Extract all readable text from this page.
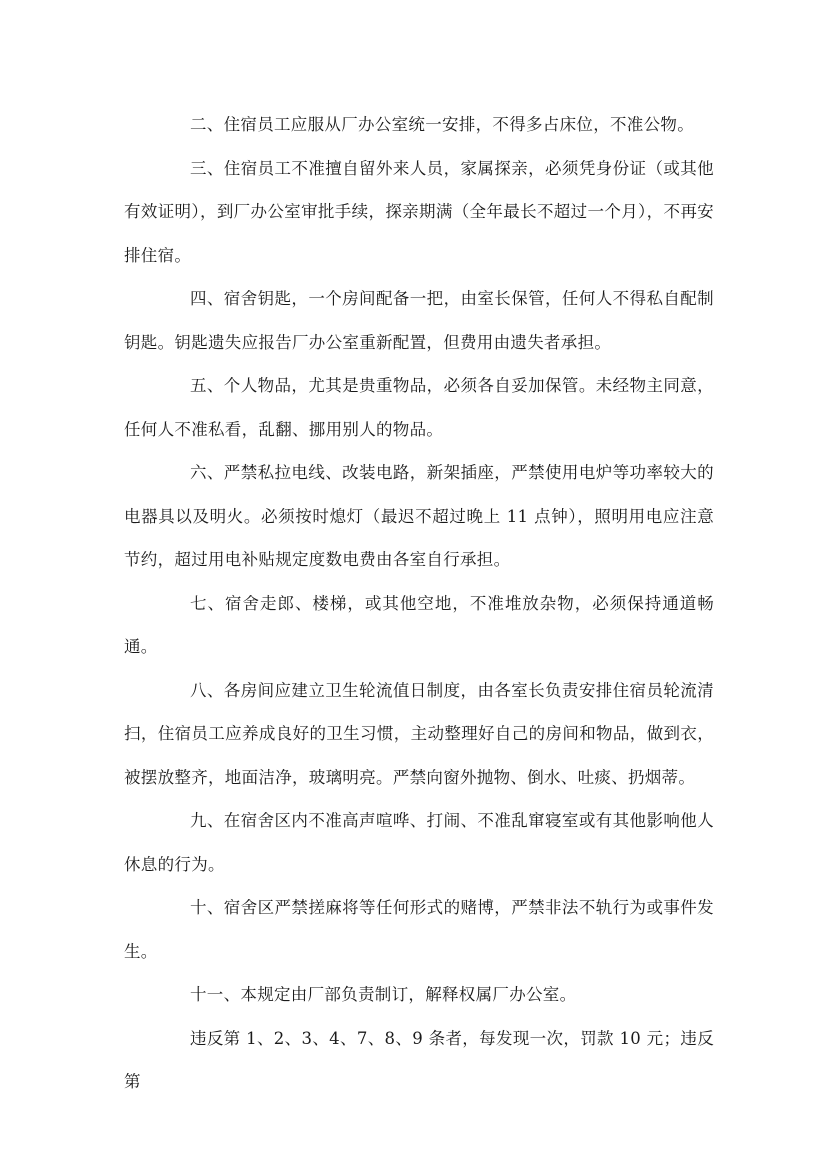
二、住宿员工应服从厂办公室统一安排，不得多占床位，不准公物。

三、住宿员工不准擅自留外来人员，家属探亲，必须凭身份证（或其他有效证明），到厂办公室审批手续，探亲期满（全年最长不超过一个月），不再安排住宿。

四、宿舍钥匙，一个房间配备一把，由室长保管，任何人不得私自配制钥匙。钥匙遗失应报告厂办公室重新配置，但费用由遗失者承担。

五、个人物品，尤其是贵重物品，必须各自妥加保管。未经物主同意，任何人不准私看，乱翻、挪用别人的物品。

六、严禁私拉电线、改装电路，新架插座，严禁使用电炉等功率较大的电器具以及明火。必须按时熄灯（最迟不超过晚上 11 点钟），照明用电应注意节约，超过用电补贴规定度数电费由各室自行承担。

七、宿舍走郎、楼梯，或其他空地，不准堆放杂物，必须保持通道畅通。

八、各房间应建立卫生轮流值日制度，由各室长负责安排住宿员轮流清扫，住宿员工应养成良好的卫生习惯，主动整理好自己的房间和物品，做到衣，被摆放整齐，地面洁净，玻璃明亮。严禁向窗外抛物、倒水、吐痰、扔烟蒂。

九、在宿舍区内不准高声喧哗、打闹、不准乱窜寝室或有其他影响他人休息的行为。

十、宿舍区严禁搓麻将等任何形式的赌博，严禁非法不轨行为或事件发生。

十一、本规定由厂部负责制订，解释权属厂办公室。

违反第 1、2、3、4、7、8、9 条者，每发现一次，罚款 10 元；违反第
